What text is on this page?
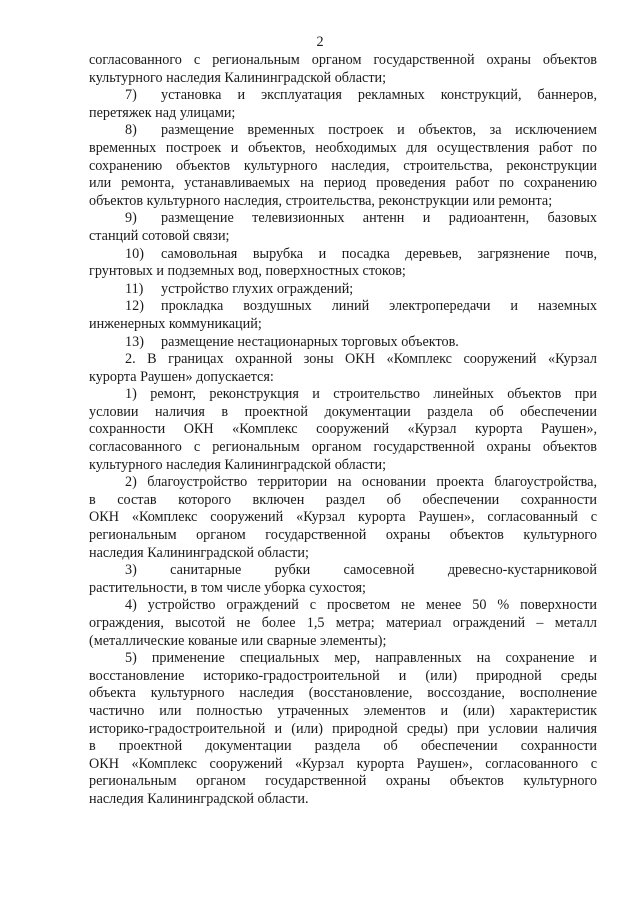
2
согласованного с региональным органом государственной охраны объектов
культурного наследия Калининградской области;
7)	установка и эксплуатация рекламных конструкций, баннеров,
перетяжек над улицами;
8)	размещение временных построек и объектов, за исключением
временных построек и объектов, необходимых для осуществления работ по
сохранению объектов культурного наследия, строительства, реконструкции
или ремонта, устанавливаемых на период проведения работ по сохранению
объектов культурного наследия, строительства, реконструкции или ремонта;
9)	размещение телевизионных антенн и радиоантенн, базовых
станций сотовой связи;
10)	самовольная вырубка и посадка деревьев, загрязнение почв,
грунтовых и подземных вод, поверхностных стоков;
11) устройство глухих ограждений;
12)	прокладка воздушных линий электропередачи и наземных
инженерных коммуникаций;
13) размещение нестационарных торговых объектов.
2. В границах охранной зоны ОКН «Комплекс сооружений «Курзал
курорта Раушен» допускается:
1) ремонт, реконструкция и строительство линейных объектов при
условии наличия в проектной документации раздела об обеспечении
сохранности ОКН «Комплекс сооружений «Курзал курорта Раушен»,
согласованного с региональным органом государственной охраны объектов
культурного наследия Калининградской области;
2) благоустройство территории на основании проекта благоустройства,
в состав которого включен раздел об обеспечении сохранности
ОКН «Комплекс сооружений «Курзал курорта Раушен», согласованный с
региональным органом государственной охраны объектов культурного
наследия Калининградской области;
3) санитарные рубки самосевной древесно-кустарниковой
растительности, в том числе уборка сухостоя;
4) устройство ограждений с просветом не менее 50 % поверхности
ограждения, высотой не более 1,5 метра; материал ограждений – металл
(металлические кованые или сварные элементы);
5) применение специальных мер, направленных на сохранение и
восстановление историко-градостроительной и (или) природной среды
объекта культурного наследия (восстановление, воссоздание, восполнение
частично или полностью утраченных элементов и (или) характеристик
историко-градостроительной и (или) природной среды) при условии наличия
в проектной документации раздела об обеспечении сохранности
ОКН «Комплекс сооружений «Курзал курорта Раушен», согласованного с
региональным органом государственной охраны объектов культурного
наследия Калининградской области.
